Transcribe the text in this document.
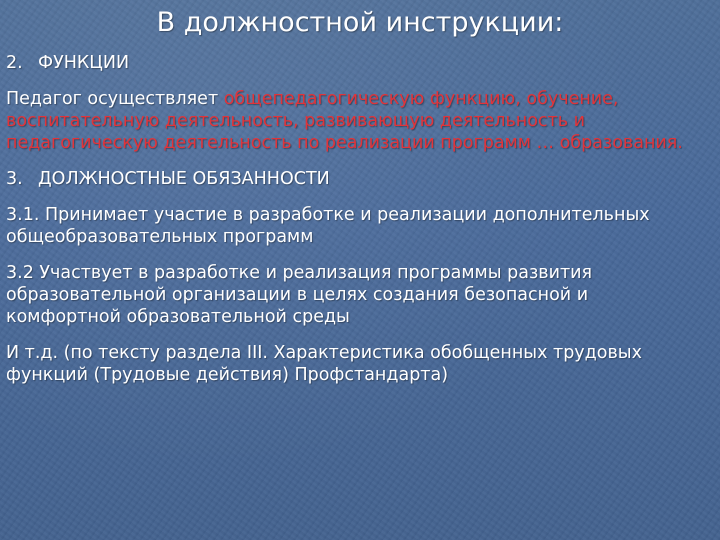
В должностной инструкции:

2. ФУНКЦИИ

Педагог осуществляет общепедагогическую функцию, обучение,
воспитательную деятельность, развивающую деятельность и
педагогическую деятельность по реализации программ … образования.

3. ДОЛЖНОСТНЫЕ ОБЯЗАННОСТИ

3.1. Принимает участие в разработке и реализации дополнительных
общеобразовательных программ

3.2 Участвует в разработке и реализация программы развития
образовательной организации в целях создания безопасной и
комфортной образовательной среды

И т.д. (по тексту раздела III. Характеристика обобщенных трудовых
функций (Трудовые действия) Профстандарта)
